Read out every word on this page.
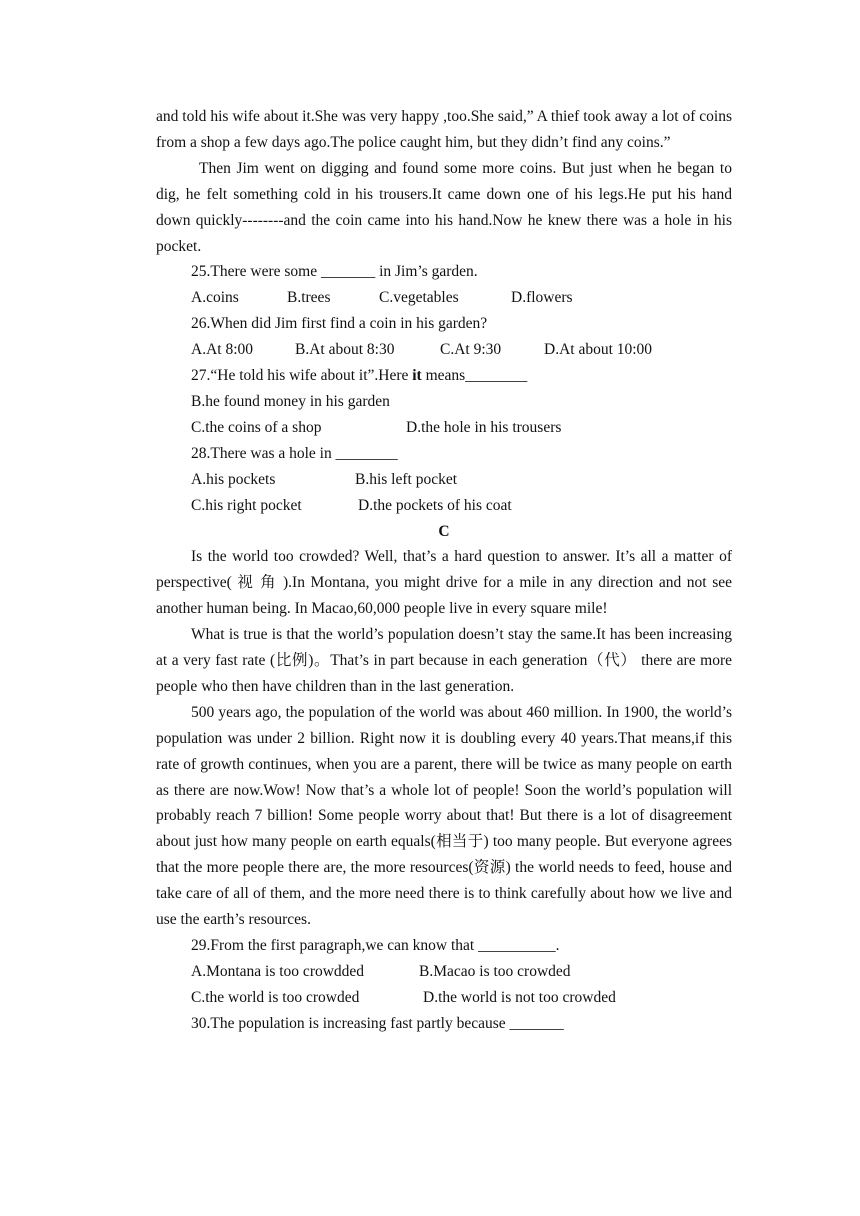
and told his wife about it.She was very happy ,too.She said,” A thief took away a lot of coins from a shop a few days ago.The police caught him, but they didn’t find any coins.”

Then Jim went on digging and found some more coins. But just when he began to dig, he felt something cold in his trousers.It came down one of his legs.He put his hand down quickly--------and the coin came into his hand.Now he knew there was a hole in his pocket.

25.There were some _______ in Jim’s garden.

A.coins	B.trees	C.vegetables	D.flowers

26.When did Jim first find a coin in his garden?

A.At 8:00	B.At about 8:30	C.At 9:30	D.At about 10:00

27.“He told his wife about it”.Here it means________

B.he found money in his garden
C.the coins of a shop	D.the hole in his trousers

28.There was a hole in ________

A.his pockets	B.his left pocket
C.his right pocket	D.the pockets of his coat

C

Is the world too crowded? Well, that’s a hard question to answer. It’s all a matter of perspective( 视 角 ).In Montana, you might drive for a mile in any direction and not see another human being. In Macao,60,000 people live in every square mile!

What is true is that the world’s population doesn’t stay the same.It has been increasing at a very fast rate (比例)。That’s in part because in each generation（代） there are more people who then have children than in the last generation.

500 years ago, the population of the world was about 460 million. In 1900, the world’s population was under 2 billion. Right now it is doubling every 40 years.That means,if this rate of growth continues, when you are a parent, there will be twice as many people on earth as there are now.Wow! Now that’s a whole lot of people! Soon the world’s population will probably reach 7 billion! Some people worry about that! But there is a lot of disagreement about just how many people on earth equals(相当于) too many people. But everyone agrees that the more people there are, the more resources(资源) the world needs to feed, house and take care of all of them, and the more need there is to think carefully about how we live and use the earth’s resources.

29.From the first paragraph,we can know that __________.

A.Montana is too crowdded	B.Macao is too crowded
C.the world is too crowded	D.the world is not too crowded

30.The population is increasing fast partly because _______
